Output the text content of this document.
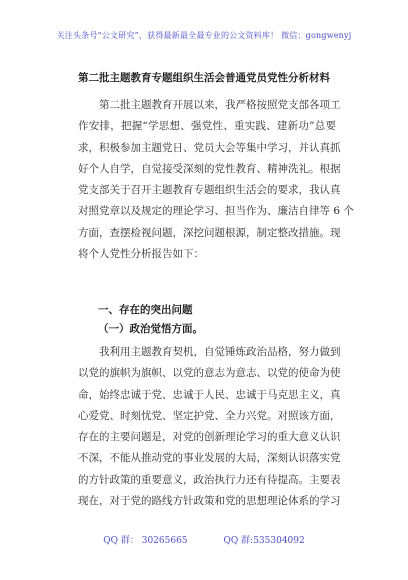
关注头条号“公文研究”，获得最新最全最专业的公文资料库！ 微信：gongwenyj
第二批主题教育专题组织生活会普通党员党性分析材料
第二批主题教育开展以来，我严格按照党支部各项工
作安排，把握“学思想、强党性、重实践、建新功”总要
求，积极参加主题党日、党员大会等集中学习，并认真抓
好个人自学，自觉接受深刻的党性教育、精神洗礼。根据
党支部关于召开主题教育专题组织生活会的要求，我认真
对照党章以及规定的理论学习、担当作为、廉洁自律等 6 个
方面，查摆检视问题，深挖问题根源，制定整改措施。现
将个人党性分析报告如下：
一、存在的突出问题
（一）政治觉悟方面。
我利用主题教育契机，自觉锤炼政治品格，努力做到
以党的旗帜为旗帜、以党的意志为意志、以党的使命为使
命，始终忠诚于党、忠诚于人民、忠诚于马克思主义，真
心爱党、时刻忧党、坚定护党、全力兴党。对照该方面，
存在的主要问题是，对党的创新理论学习的重大意义认识
不深，不能从推动党的事业发展的大局，深刻认识落实党
的方针政策的重要意义，政治执行力还有待提高。主要表
现在，对于党的路线方针政策和党的思想理论体系的学习
QQ 群： 30265665	QQ 群:535304092
